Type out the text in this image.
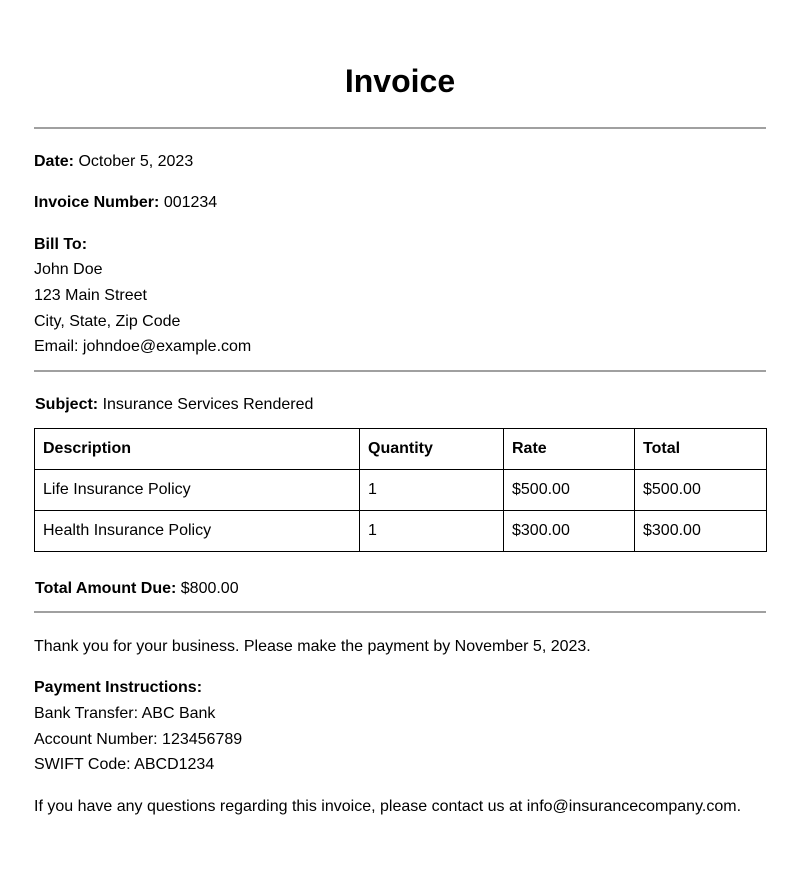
Invoice
Date: October 5, 2023
Invoice Number: 001234
Bill To:
John Doe
123 Main Street
City, State, Zip Code
Email: johndoe@example.com
Subject: Insurance Services Rendered
Description	Quantity	Rate	Total
Life Insurance Policy	1	$500.00	$500.00
Health Insurance Policy	1	$300.00	$300.00
Total Amount Due: $800.00
Thank you for your business. Please make the payment by November 5, 2023.
Payment Instructions:
Bank Transfer: ABC Bank
Account Number: 123456789
SWIFT Code: ABCD1234
If you have any questions regarding this invoice, please contact us at info@insurancecompany.com.
